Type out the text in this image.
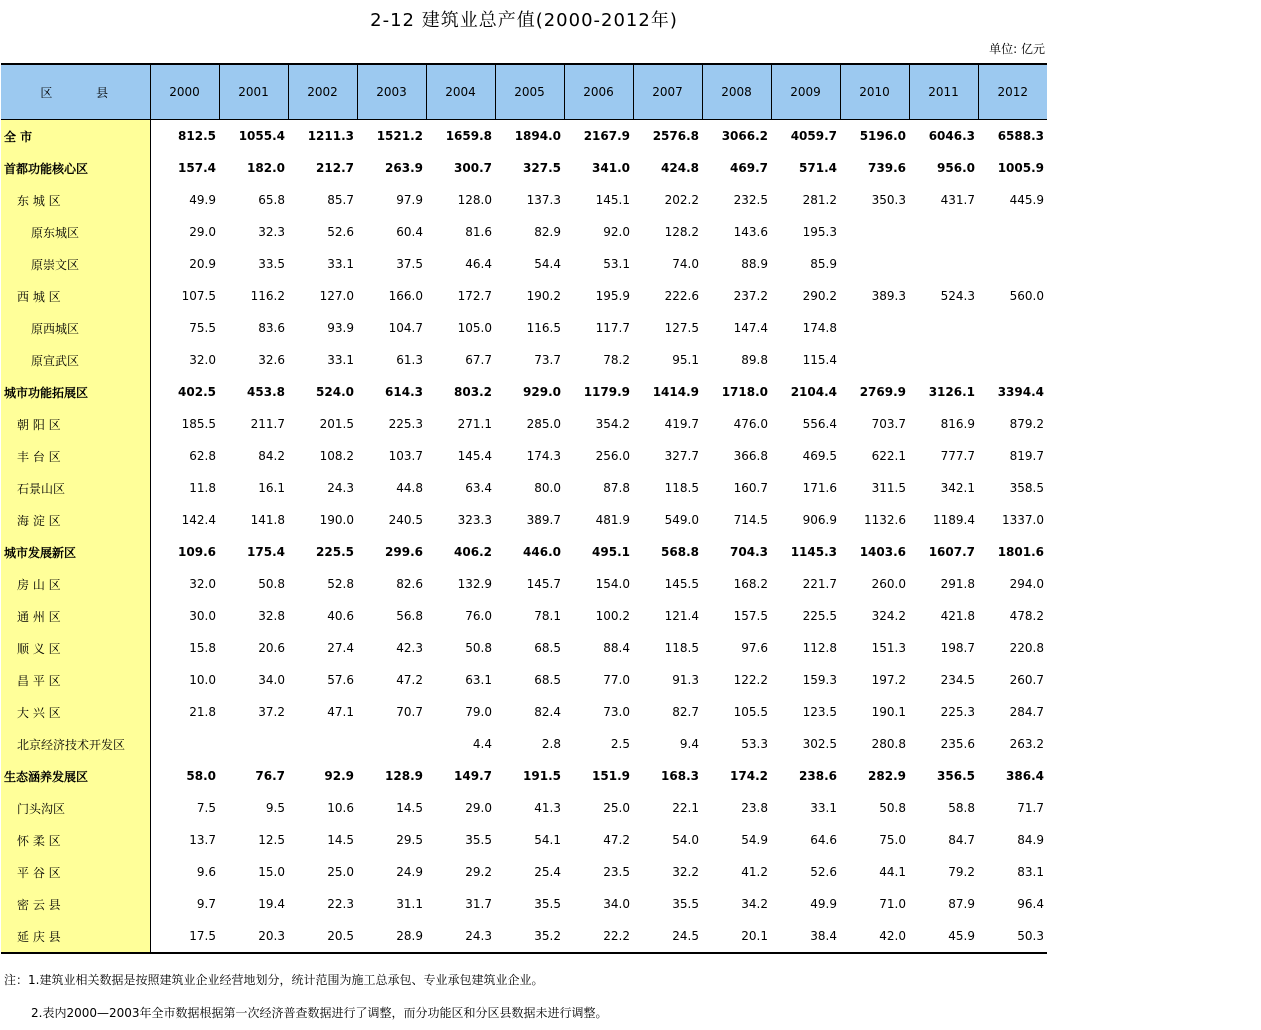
2-12 建筑业总产值(2000-2012年)
单位: 亿元
区 县	2000	2001	2002	2003	2004	2005	2006	2007	2008	2009	2010	2011	2012
全 市	812.5	1055.4	1211.3	1521.2	1659.8	1894.0	2167.9	2576.8	3066.2	4059.7	5196.0	6046.3	6588.3
首都功能核心区	157.4	182.0	212.7	263.9	300.7	327.5	341.0	424.8	469.7	571.4	739.6	956.0	1005.9
东 城 区	49.9	65.8	85.7	97.9	128.0	137.3	145.1	202.2	232.5	281.2	350.3	431.7	445.9
原东城区	29.0	32.3	52.6	60.4	81.6	82.9	92.0	128.2	143.6	195.3			
原崇文区	20.9	33.5	33.1	37.5	46.4	54.4	53.1	74.0	88.9	85.9			
西 城 区	107.5	116.2	127.0	166.0	172.7	190.2	195.9	222.6	237.2	290.2	389.3	524.3	560.0
原西城区	75.5	83.6	93.9	104.7	105.0	116.5	117.7	127.5	147.4	174.8			
原宣武区	32.0	32.6	33.1	61.3	67.7	73.7	78.2	95.1	89.8	115.4			
城市功能拓展区	402.5	453.8	524.0	614.3	803.2	929.0	1179.9	1414.9	1718.0	2104.4	2769.9	3126.1	3394.4
朝 阳 区	185.5	211.7	201.5	225.3	271.1	285.0	354.2	419.7	476.0	556.4	703.7	816.9	879.2
丰 台 区	62.8	84.2	108.2	103.7	145.4	174.3	256.0	327.7	366.8	469.5	622.1	777.7	819.7
石景山区	11.8	16.1	24.3	44.8	63.4	80.0	87.8	118.5	160.7	171.6	311.5	342.1	358.5
海 淀 区	142.4	141.8	190.0	240.5	323.3	389.7	481.9	549.0	714.5	906.9	1132.6	1189.4	1337.0
城市发展新区	109.6	175.4	225.5	299.6	406.2	446.0	495.1	568.8	704.3	1145.3	1403.6	1607.7	1801.6
房 山 区	32.0	50.8	52.8	82.6	132.9	145.7	154.0	145.5	168.2	221.7	260.0	291.8	294.0
通 州 区	30.0	32.8	40.6	56.8	76.0	78.1	100.2	121.4	157.5	225.5	324.2	421.8	478.2
顺 义 区	15.8	20.6	27.4	42.3	50.8	68.5	88.4	118.5	97.6	112.8	151.3	198.7	220.8
昌 平 区	10.0	34.0	57.6	47.2	63.1	68.5	77.0	91.3	122.2	159.3	197.2	234.5	260.7
大 兴 区	21.8	37.2	47.1	70.7	79.0	82.4	73.0	82.7	105.5	123.5	190.1	225.3	284.7
北京经济技术开发区					4.4	2.8	2.5	9.4	53.3	302.5	280.8	235.6	263.2
生态涵养发展区	58.0	76.7	92.9	128.9	149.7	191.5	151.9	168.3	174.2	238.6	282.9	356.5	386.4
门头沟区	7.5	9.5	10.6	14.5	29.0	41.3	25.0	22.1	23.8	33.1	50.8	58.8	71.7
怀 柔 区	13.7	12.5	14.5	29.5	35.5	54.1	47.2	54.0	54.9	64.6	75.0	84.7	84.9
平 谷 区	9.6	15.0	25.0	24.9	29.2	25.4	23.5	32.2	41.2	52.6	44.1	79.2	83.1
密 云 县	9.7	19.4	22.3	31.1	31.7	35.5	34.0	35.5	34.2	49.9	71.0	87.9	96.4
延 庆 县	17.5	20.3	20.5	28.9	24.3	35.2	22.2	24.5	20.1	38.4	42.0	45.9	50.3
注：1.建筑业相关数据是按照建筑业企业经营地划分，统计范围为施工总承包、专业承包建筑业企业。
2.表内2000—2003年全市数据根据第一次经济普查数据进行了调整，而分功能区和分区县数据未进行调整。
